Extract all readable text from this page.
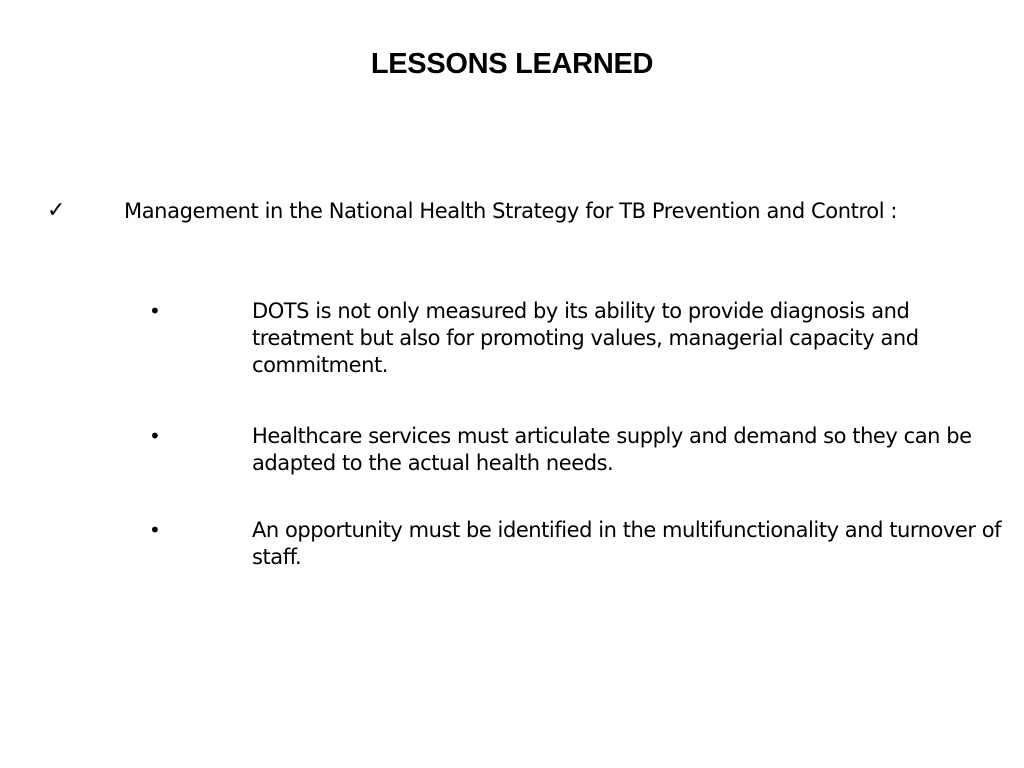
LESSONS LEARNED
✓	Management in the National Health Strategy for TB Prevention and Control :
•	DOTS is not only measured by its ability to provide diagnosis and treatment but also for promoting values, managerial capacity and commitment.
•	Healthcare services must articulate supply and demand so they can be adapted to the actual health needs.
•	An opportunity must be identified in the multifunctionality and turnover of staff.
